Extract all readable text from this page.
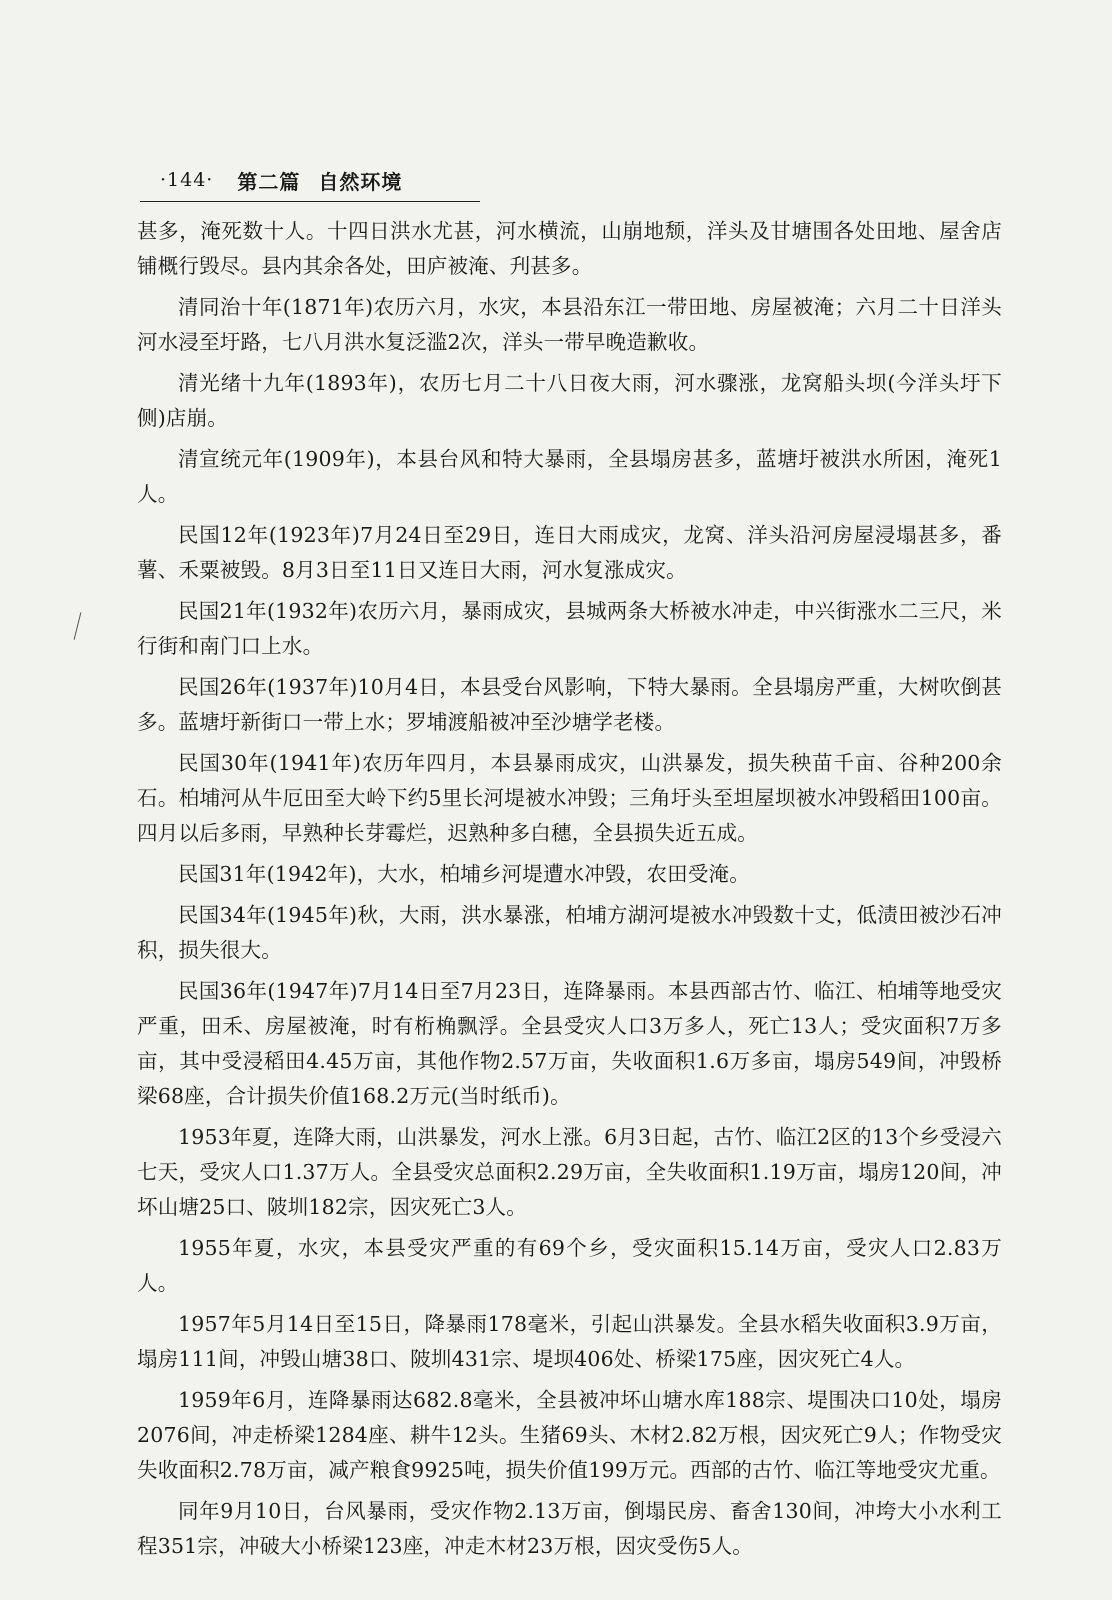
·144· 第二篇 自然环境

甚多，淹死数十人。十四日洪水尤甚，河水横流，山崩地颓，洋头及甘塘围各处田地、屋舍店铺概行毁尽。县内其余各处，田庐被淹、刋甚多。

清同治十年(1871年)农历六月，水灾，本县沿东江一带田地、房屋被淹；六月二十日洋头河水浸至圩路，七八月洪水复泛滥2次，洋头一带早晚造歉收。

清光绪十九年(1893年)，农历七月二十八日夜大雨，河水骤涨，龙窝船头坝(今洋头圩下侧)店崩。

清宣统元年(1909年)，本县台风和特大暴雨，全县塌房甚多，蓝塘圩被洪水所困，淹死1人。

民国12年(1923年)7月24日至29日，连日大雨成灾，龙窝、洋头沿河房屋浸塌甚多，番薯、禾粟被毁。8月3日至11日又连日大雨，河水复涨成灾。

民国21年(1932年)农历六月，暴雨成灾，县城两条大桥被水冲走，中兴街涨水二三尺，米行街和南门口上水。

民国26年(1937年)10月4日，本县受台风影响，下特大暴雨。全县塌房严重，大树吹倒甚多。蓝塘圩新街口一带上水；罗埔渡船被冲至沙塘学老楼。

民国30年(1941年)农历年四月，本县暴雨成灾，山洪暴发，损失秧苗千亩、谷种200余石。柏埔河从牛厄田至大岭下约5里长河堤被水冲毁；三角圩头至坦屋坝被水冲毁稻田100亩。四月以后多雨，早熟种长芽霉烂，迟熟种多白穗，全县损失近五成。

民国31年(1942年)，大水，柏埔乡河堤遭水冲毁，农田受淹。

民国34年(1945年)秋，大雨，洪水暴涨，柏埔方湖河堤被水冲毁数十丈，低渍田被沙石冲积，损失很大。

民国36年(1947年)7月14日至7月23日，连降暴雨。本县西部古竹、临江、柏埔等地受灾严重，田禾、房屋被淹，时有桁桷飘浮。全县受灾人口3万多人，死亡13人；受灾面积7万多亩，其中受浸稻田4.45万亩，其他作物2.57万亩，失收面积1.6万多亩，塌房549间，冲毁桥梁68座，合计损失价值168.2万元(当时纸币)。

1953年夏，连降大雨，山洪暴发，河水上涨。6月3日起，古竹、临江2区的13个乡受浸六七天，受灾人口1.37万人。全县受灾总面积2.29万亩，全失收面积1.19万亩，塌房120间，冲坏山塘25口、陂圳182宗，因灾死亡3人。

1955年夏，水灾，本县受灾严重的有69个乡，受灾面积15.14万亩，受灾人口2.83万人。

1957年5月14日至15日，降暴雨178毫米，引起山洪暴发。全县水稻失收面积3.9万亩，塌房111间，冲毁山塘38口、陂圳431宗、堤坝406处、桥梁175座，因灾死亡4人。

1959年6月，连降暴雨达682.8毫米，全县被冲坏山塘水库188宗、堤围决口10处，塌房2076间，冲走桥梁1284座、耕牛12头。生猪69头、木材2.82万根，因灾死亡9人；作物受灾失收面积2.78万亩，减产粮食9925吨，损失价值199万元。西部的古竹、临江等地受灾尤重。

同年9月10日，台风暴雨，受灾作物2.13万亩，倒塌民房、畜舍130间，冲垮大小水利工程351宗，冲破大小桥梁123座，冲走木材23万根，因灾受伤5人。
